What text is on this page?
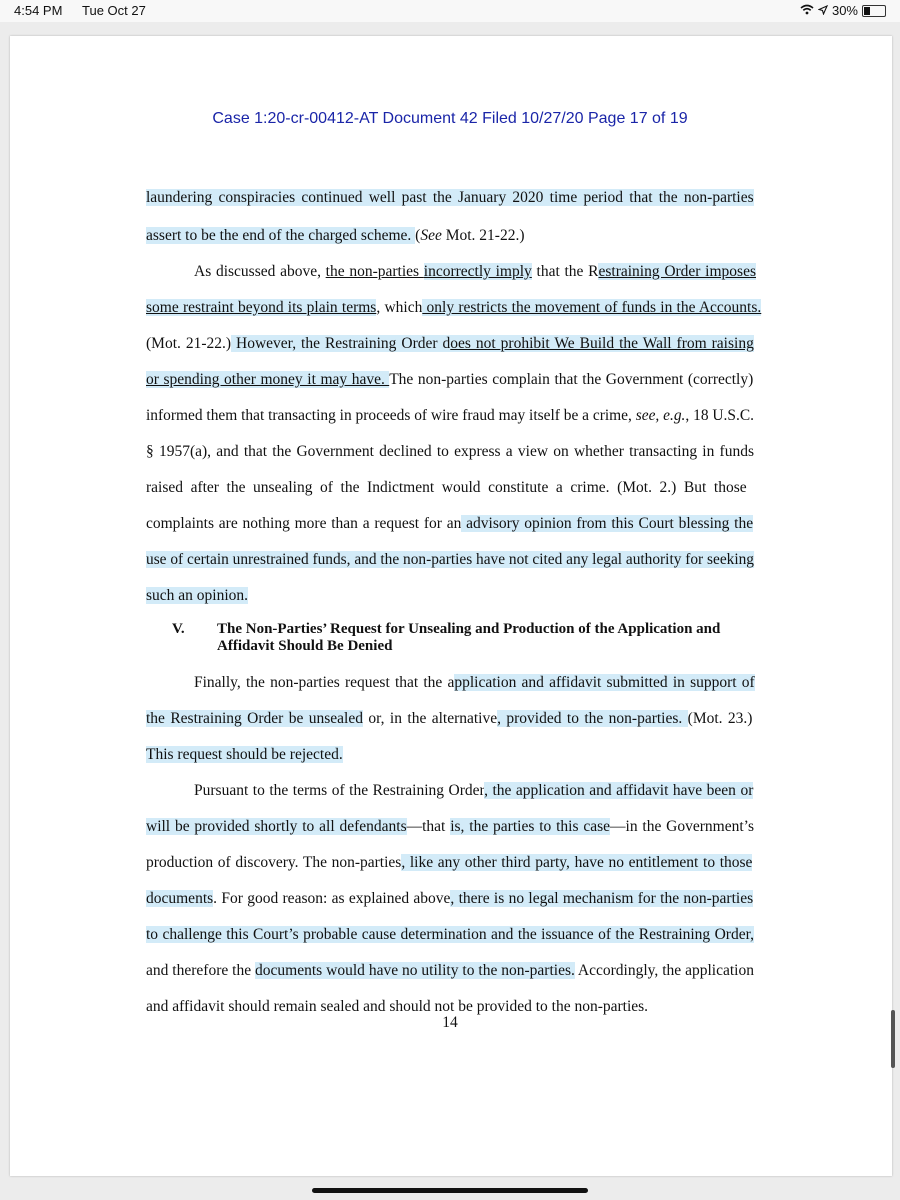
4:54 PM Tue Oct 27	30%
Case 1:20-cr-00412-AT Document 42 Filed 10/27/20 Page 17 of 19
laundering conspiracies continued well past the January 2020 time period that the non-parties
assert to be the end of the charged scheme. (See Mot. 21-22.)
As discussed above, the non-parties incorrectly imply that the Restraining Order imposes
some restraint beyond its plain terms, which only restricts the movement of funds in the Accounts.
(Mot. 21-22.) However, the Restraining Order does not prohibit We Build the Wall from raising
or spending other money it may have. The non-parties complain that the Government (correctly)
informed them that transacting in proceeds of wire fraud may itself be a crime, see, e.g., 18 U.S.C.
§ 1957(a), and that the Government declined to express a view on whether transacting in funds
raised after the unsealing of the Indictment would constitute a crime. (Mot. 2.) But those
complaints are nothing more than a request for an advisory opinion from this Court blessing the
use of certain unrestrained funds, and the non-parties have not cited any legal authority for seeking
such an opinion.
Finally, the non-parties request that the application and affidavit submitted in support of
the Restraining Order be unsealed or, in the alternative, provided to the non-parties. (Mot. 23.)
This request should be rejected.
Pursuant to the terms of the Restraining Order, the application and affidavit have been or
will be provided shortly to all defendants—that is, the parties to this case—in the Government’s
production of discovery. The non-parties, like any other third party, have no entitlement to those
documents. For good reason: as explained above, there is no legal mechanism for the non-parties
to challenge this Court’s probable cause determination and the issuance of the Restraining Order,
and therefore the documents would have no utility to the non-parties. Accordingly, the application
and affidavit should remain sealed and should not be provided to the non-parties.
V. The Non-Parties’ Request for Unsealing and Production of the Application and
Affidavit Should Be Denied
14
